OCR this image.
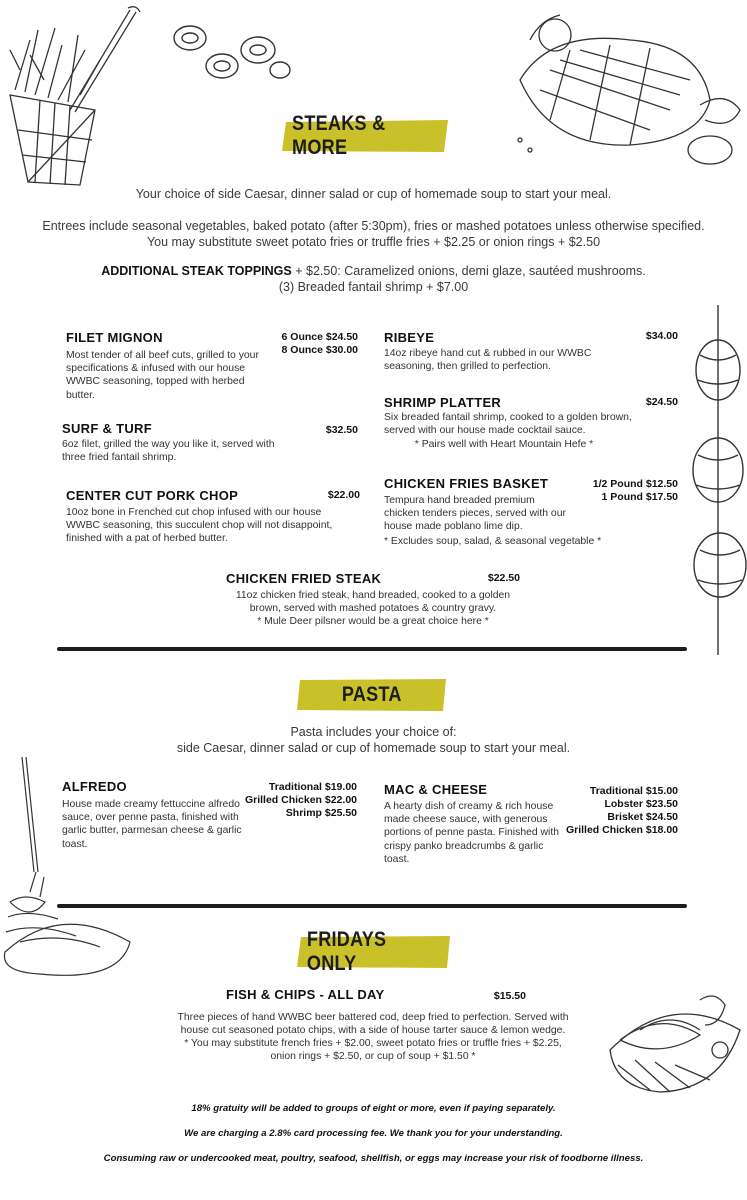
STEAKS & MORE
Your choice of side Caesar, dinner salad or cup of homemade soup to start your meal.
Entrees include seasonal vegetables, baked potato (after 5:30pm), fries or mashed potatoes unless otherwise specified.
You may substitute sweet potato fries or truffle fries + $2.25 or onion rings + $2.50
ADDITIONAL STEAK TOPPINGS + $2.50: Caramelized onions, demi glaze, sautéed mushrooms.
(3) Breaded fantail shrimp + $7.00
FILET MIGNON	6 Ounce $24.50
8 Ounce $30.00
Most tender of all beef cuts, grilled to your specifications & infused with our house WWBC seasoning, topped with herbed butter.
RIBEYE	$34.00
14oz ribeye hand cut & rubbed in our WWBC seasoning, then grilled to perfection.
SURF & TURF	$32.50
6oz filet, grilled the way you like it, served with three fried fantail shrimp.
SHRIMP PLATTER	$24.50
Six breaded fantail shrimp, cooked to a golden brown, served with our house made cocktail sauce.
* Pairs well with Heart Mountain Hefe *
CENTER CUT PORK CHOP	$22.00
10oz bone in Frenched cut chop infused with our house WWBC seasoning, this succulent chop will not disappoint, finished with a pat of herbed butter.
CHICKEN FRIES BASKET	1/2 Pound $12.50
1 Pound $17.50
Tempura hand breaded premium chicken tenders pieces, served with our house made poblano lime dip.
* Excludes soup, salad, & seasonal vegetable *
CHICKEN FRIED STEAK	$22.50
11oz chicken fried steak, hand breaded, cooked to a golden
brown, served with mashed potatoes & country gravy.
* Mule Deer pilsner would be a great choice here *
PASTA
Pasta includes your choice of:
side Caesar, dinner salad or cup of homemade soup to start your meal.
ALFREDO	Traditional $19.00
Grilled Chicken $22.00
Shrimp $25.50
House made creamy fettuccine alfredo sauce, over penne pasta, finished with garlic butter, parmesan cheese & garlic toast.
MAC & CHEESE	Traditional $15.00
Lobster $23.50
Brisket $24.50
Grilled Chicken $18.00
A hearty dish of creamy & rich house made cheese sauce, with generous portions of penne pasta. Finished with crispy panko breadcrumbs & garlic toast.
FRIDAYS ONLY
FISH & CHIPS - ALL DAY	$15.50
Three pieces of hand WWBC beer battered cod, deep fried to perfection. Served with
house cut seasoned potato chips, with a side of house tarter sauce & lemon wedge.
* You may substitute french fries + $2.00, sweet potato fries or truffle fries + $2.25,
onion rings + $2.50, or cup of soup + $1.50 *
18% gratuity will be added to groups of eight or more, even if paying separately.
We are charging a 2.8% card processing fee. We thank you for your understanding.
Consuming raw or undercooked meat, poultry, seafood, shellfish, or eggs may increase your risk of foodborne illness.
